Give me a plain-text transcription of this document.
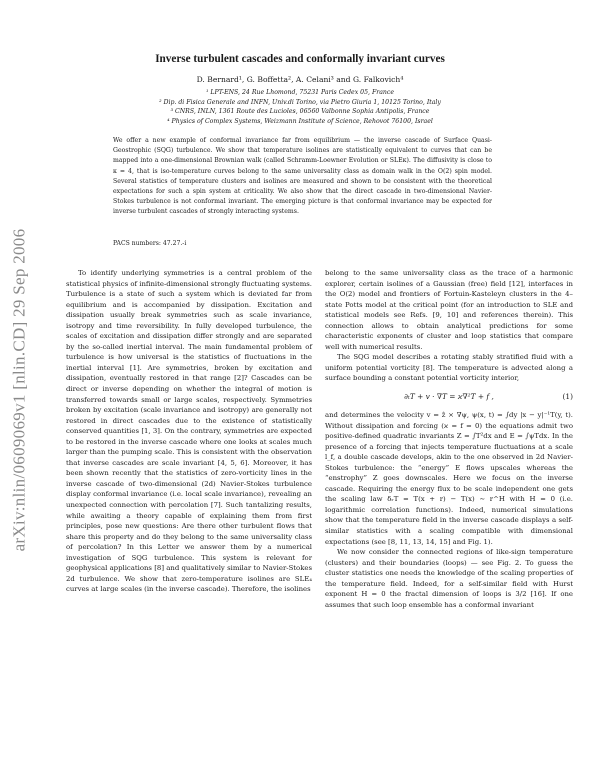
arXiv:nlin/0609069v1 [nlin.CD] 29 Sep 2006
Inverse turbulent cascades and conformally invariant curves
D. Bernard¹, G. Boffetta², A. Celani³ and G. Falkovich⁴
¹ LPT-ENS, 24 Rue Lhomond, 75231 Paris Cedex 05, France
² Dip. di Fisica Generale and INFN, Univ.di Torino, via Pietro Giuria 1, 10125 Torino, Italy
³ CNRS, INLN, 1361 Route des Lucioles, 06560 Valbonne Sophia Antipolis, France
⁴ Physics of Complex Systems, Weizmann Institute of Science, Rehovot 76100, Israel
We offer a new example of conformal invariance far from equilibrium — the inverse cascade of Surface Quasi-Geostrophic (SQG) turbulence. We show that temperature isolines are statistically equivalent to curves that can be mapped into a one-dimensional Brownian walk (called Schramm-Loewner Evolution or SLEκ). The diffusivity is close to κ = 4, that is iso-temperature curves belong to the same universality class as domain walk in the O(2) spin model. Several statistics of temperature clusters and isolines are measured and shown to be consistent with the theoretical expectations for such a spin system at criticality. We also show that the direct cascade in two-dimensional Navier-Stokes turbulence is not conformal invariant. The emerging picture is that conformal invariance may be expected for inverse turbulent cascades of strongly interacting systems.
PACS numbers: 47.27.-i

To identify underlying symmetries is a central problem of the statistical physics of infinite-dimensional strongly fluctuating systems. Turbulence is a state of such a system which is deviated far from equilibrium and is accompanied by dissipation. Excitation and dissipation usually break symmetries such as scale invariance, isotropy and time reversibility. In fully developed turbulence, the scales of excitation and dissipation differ strongly and are separated by the so-called inertial interval. The main fundamental problem of turbulence is how universal is the statistics of fluctuations in the inertial interval [1]. Are symmetries, broken by excitation and dissipation, eventually restored in that range [2]? Cascades can be direct or inverse depending on whether the integral of motion is transferred towards small or large scales, respectively. Symmetries broken by excitation (scale invariance and isotropy) are generally not restored in direct cascades due to the existence of statistically conserved quantities [1, 3]. On the contrary, symmetries are expected to be restored in the inverse cascade where one looks at scales much larger than the pumping scale. This is consistent with the observation that inverse cascades are scale invariant [4, 5, 6]. Moreover, it has been shown recently that the statistics of zero-vorticity lines in the inverse cascade of two-dimensional (2d) Navier-Stokes turbulence display conformal invariance (i.e. local scale invariance), revealing an unexpected connection with percolation [7]. Such tantalizing results, while awaiting a theory capable of explaining them from first principles, pose new questions: Are there other turbulent flows that share this property and do they belong to the same universality class of percolation? In this Letter we answer them by a numerical investigation of SQG turbulence. This system is relevant for geophysical applications [8] and qualitatively similar to Navier-Stokes 2d turbulence. We show that zero-temperature isolines are SLE₄ curves at large scales (in the inverse cascade). Therefore, the isolines

belong to the same universality class as the trace of a harmonic explorer, certain isolines of a Gaussian (free) field [12], interfaces in the O(2) model and frontiers of Fortuin-Kasteleyn clusters in the 4–state Potts model at the critical point (for an introduction to SLE and statistical models see Refs. [9, 10] and references therein). This connection allows to obtain analytical predictions for some characteristic exponents of cluster and loop statistics that compare well with numerical results.

The SQG model describes a rotating stably stratified fluid with a uniform potential vorticity [8]. The temperature is advected along a surface bounding a constant potential vorticity interior,

∂ₜT + v · ∇T = ϰ∇²T + f ,	(1)

and determines the velocity v = ẑ × ∇ψ, ψ(x, t) = ∫dy |x − y|⁻¹T(y, t). Without dissipation and forcing (ϰ = f = 0) the equations admit two positive-defined quadratic invariants Z = ∫T²dx and E = ∫ψTdx. In the presence of a forcing that injects temperature fluctuations at a scale l_f, a double cascade develops, akin to the one observed in 2d Navier-Stokes turbulence: the “energy” E flows upscales whereas the “enstrophy” Z goes downscales. Here we focus on the inverse cascade. Requiring the energy flux to be scale independent one gets the scaling law δᵣT = T(x + r) − T(x) ∼ r^H with H = 0 (i.e. logarithmic correlation functions). Indeed, numerical simulations show that the temperature field in the inverse cascade displays a self-similar statistics with a scaling compatible with dimensional expectations (see [8, 11, 13, 14, 15] and Fig. 1).

We now consider the connected regions of like-sign temperature (clusters) and their boundaries (loops) — see Fig. 2. To guess the cluster statistics one needs the knowledge of the scaling properties of the temperature field. Indeed, for a self-similar field with Hurst exponent H = 0 the fractal dimension of loops is 3/2 [16]. If one assumes that such loop ensemble has a conformal invariant
